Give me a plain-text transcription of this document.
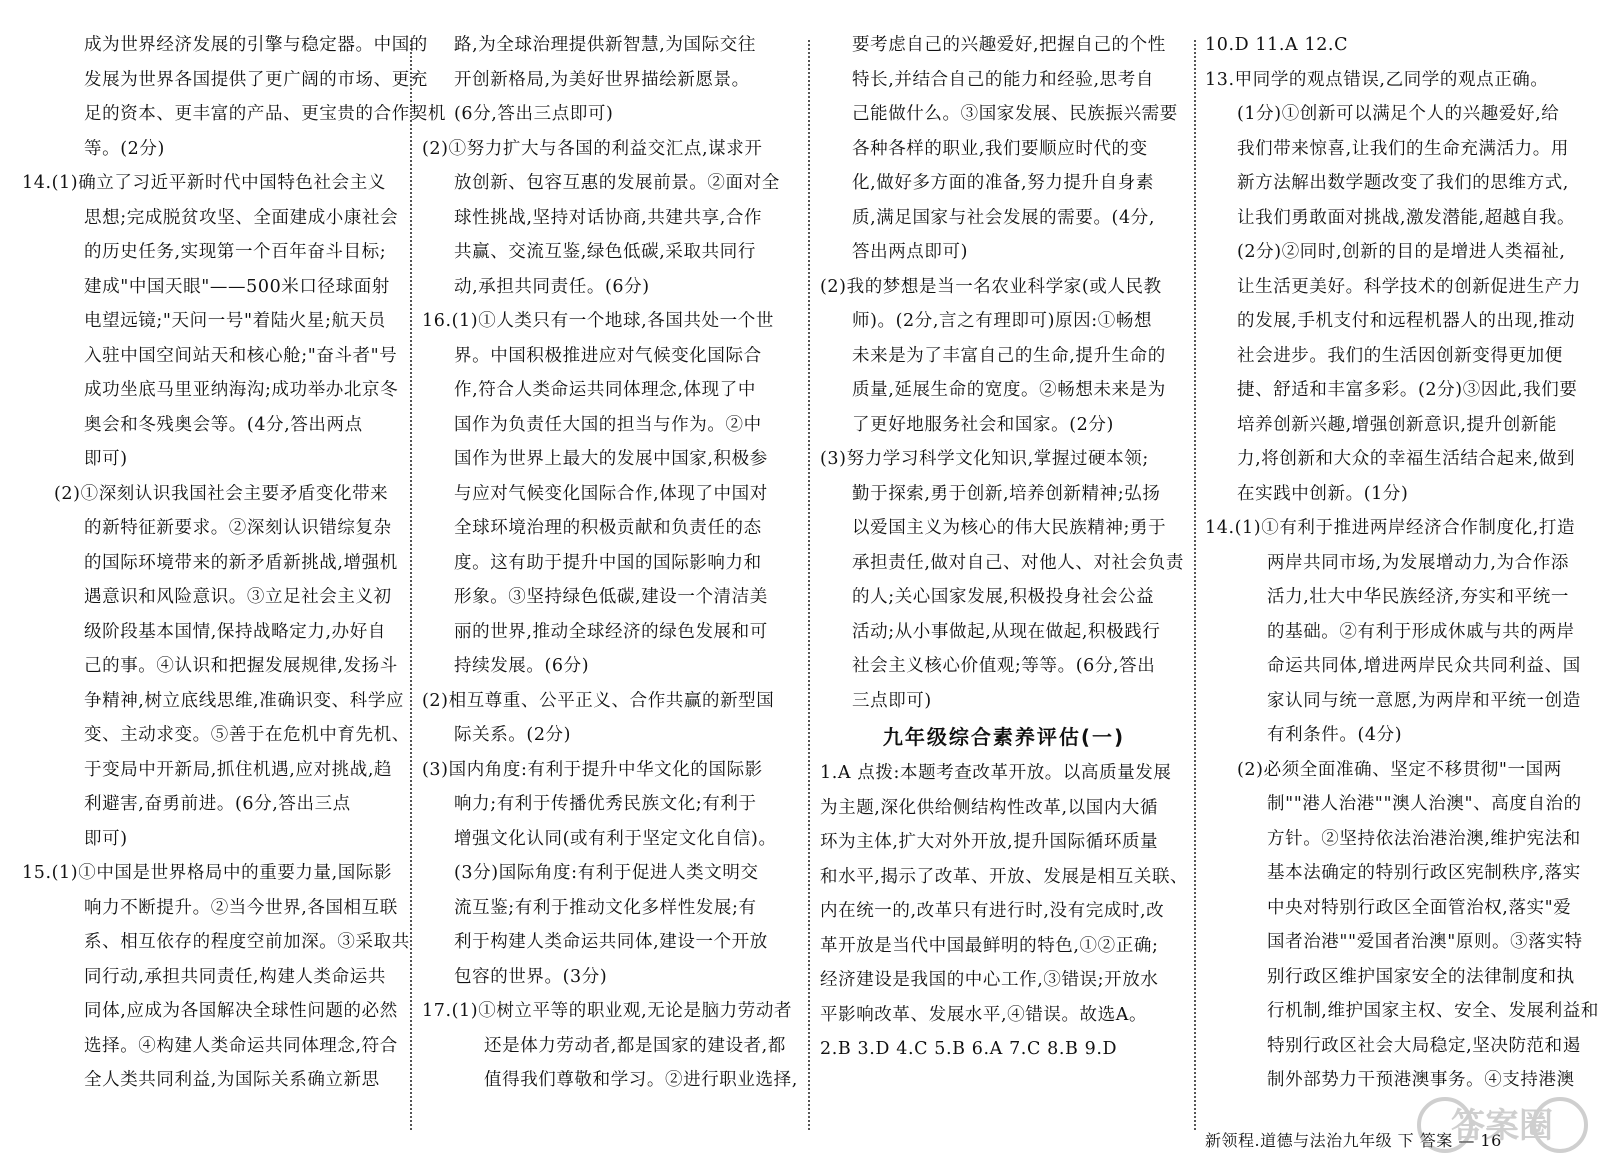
成为世界经济发展的引擎与稳定器。中国的
发展为世界各国提供了更广阔的市场、更充
足的资本、更丰富的产品、更宝贵的合作契机
等。(2分)
14.(1)确立了习近平新时代中国特色社会主义
思想;完成脱贫攻坚、全面建成小康社会
的历史任务,实现第一个百年奋斗目标;
建成"中国天眼"——500米口径球面射
电望远镜;"天问一号"着陆火星;航天员
入驻中国空间站天和核心舱;"奋斗者"号
成功坐底马里亚纳海沟;成功举办北京冬
奥会和冬残奥会等。(4分,答出两点
即可)
(2)①深刻认识我国社会主要矛盾变化带来
的新特征新要求。②深刻认识错综复杂
的国际环境带来的新矛盾新挑战,增强机
遇意识和风险意识。③立足社会主义初
级阶段基本国情,保持战略定力,办好自
己的事。④认识和把握发展规律,发扬斗
争精神,树立底线思维,准确识变、科学应
变、主动求变。⑤善于在危机中育先机、
于变局中开新局,抓住机遇,应对挑战,趋
利避害,奋勇前进。(6分,答出三点
即可)
15.(1)①中国是世界格局中的重要力量,国际影
响力不断提升。②当今世界,各国相互联
系、相互依存的程度空前加深。③采取共
同行动,承担共同责任,构建人类命运共
同体,应成为各国解决全球性问题的必然
选择。④构建人类命运共同体理念,符合
全人类共同利益,为国际关系确立新思
路,为全球治理提供新智慧,为国际交往
开创新格局,为美好世界描绘新愿景。
(6分,答出三点即可)
(2)①努力扩大与各国的利益交汇点,谋求开
放创新、包容互惠的发展前景。②面对全
球性挑战,坚持对话协商,共建共享,合作
共赢、交流互鉴,绿色低碳,采取共同行
动,承担共同责任。(6分)
16.(1)①人类只有一个地球,各国共处一个世
界。中国积极推进应对气候变化国际合
作,符合人类命运共同体理念,体现了中
国作为负责任大国的担当与作为。②中
国作为世界上最大的发展中国家,积极参
与应对气候变化国际合作,体现了中国对
全球环境治理的积极贡献和负责任的态
度。这有助于提升中国的国际影响力和
形象。③坚持绿色低碳,建设一个清洁美
丽的世界,推动全球经济的绿色发展和可
持续发展。(6分)
(2)相互尊重、公平正义、合作共赢的新型国
际关系。(2分)
(3)国内角度:有利于提升中华文化的国际影
响力;有利于传播优秀民族文化;有利于
增强文化认同(或有利于坚定文化自信)。
(3分)国际角度:有利于促进人类文明交
流互鉴;有利于推动文化多样性发展;有
利于构建人类命运共同体,建设一个开放
包容的世界。(3分)
17.(1)①树立平等的职业观,无论是脑力劳动者
还是体力劳动者,都是国家的建设者,都
值得我们尊敬和学习。②进行职业选择,
要考虑自己的兴趣爱好,把握自己的个性
特长,并结合自己的能力和经验,思考自
己能做什么。③国家发展、民族振兴需要
各种各样的职业,我们要顺应时代的变
化,做好多方面的准备,努力提升自身素
质,满足国家与社会发展的需要。(4分,
答出两点即可)
(2)我的梦想是当一名农业科学家(或人民教
师)。(2分,言之有理即可)原因:①畅想
未来是为了丰富自己的生命,提升生命的
质量,延展生命的宽度。②畅想未来是为
了更好地服务社会和国家。(2分)
(3)努力学习科学文化知识,掌握过硬本领;
勤于探索,勇于创新,培养创新精神;弘扬
以爱国主义为核心的伟大民族精神;勇于
承担责任,做对自己、对他人、对社会负责
的人;关心国家发展,积极投身社会公益
活动;从小事做起,从现在做起,积极践行
社会主义核心价值观;等等。(6分,答出
三点即可)
九年级综合素养评估(一)
1.A 点拨:本题考查改革开放。以高质量发展
为主题,深化供给侧结构性改革,以国内大循
环为主体,扩大对外开放,提升国际循环质量
和水平,揭示了改革、开放、发展是相互关联、
内在统一的,改革只有进行时,没有完成时,改
革开放是当代中国最鲜明的特色,①②正确;
经济建设是我国的中心工作,③错误;开放水
平影响改革、发展水平,④错误。故选A。
2.B 3.D 4.C 5.B 6.A 7.C 8.B 9.D
10.D 11.A 12.C
13.甲同学的观点错误,乙同学的观点正确。
(1分)①创新可以满足个人的兴趣爱好,给
我们带来惊喜,让我们的生命充满活力。用
新方法解出数学题改变了我们的思维方式,
让我们勇敢面对挑战,激发潜能,超越自我。
(2分)②同时,创新的目的是增进人类福祉,
让生活更美好。科学技术的创新促进生产力
的发展,手机支付和远程机器人的出现,推动
社会进步。我们的生活因创新变得更加便
捷、舒适和丰富多彩。(2分)③因此,我们要
培养创新兴趣,增强创新意识,提升创新能
力,将创新和大众的幸福生活结合起来,做到
在实践中创新。(1分)
14.(1)①有利于推进两岸经济合作制度化,打造
两岸共同市场,为发展增动力,为合作添
活力,壮大中华民族经济,夯实和平统一
的基础。②有利于形成休戚与共的两岸
命运共同体,增进两岸民众共同利益、国
家认同与统一意愿,为两岸和平统一创造
有利条件。(4分)
(2)必须全面准确、坚定不移贯彻"一国两
制""港人治港""澳人治澳"、高度自治的
方针。②坚持依法治港治澳,维护宪法和
基本法确定的特别行政区宪制秩序,落实
中央对特别行政区全面管治权,落实"爱
国者治港""爱国者治澳"原则。③落实特
别行政区维护国家安全的法律制度和执
行机制,维护国家主权、安全、发展利益和
特别行政区社会大局稳定,坚决防范和遏
制外部势力干预港澳事务。④支持港澳
新领程.道德与法治九年级 下 答案 — 16
答案圈
